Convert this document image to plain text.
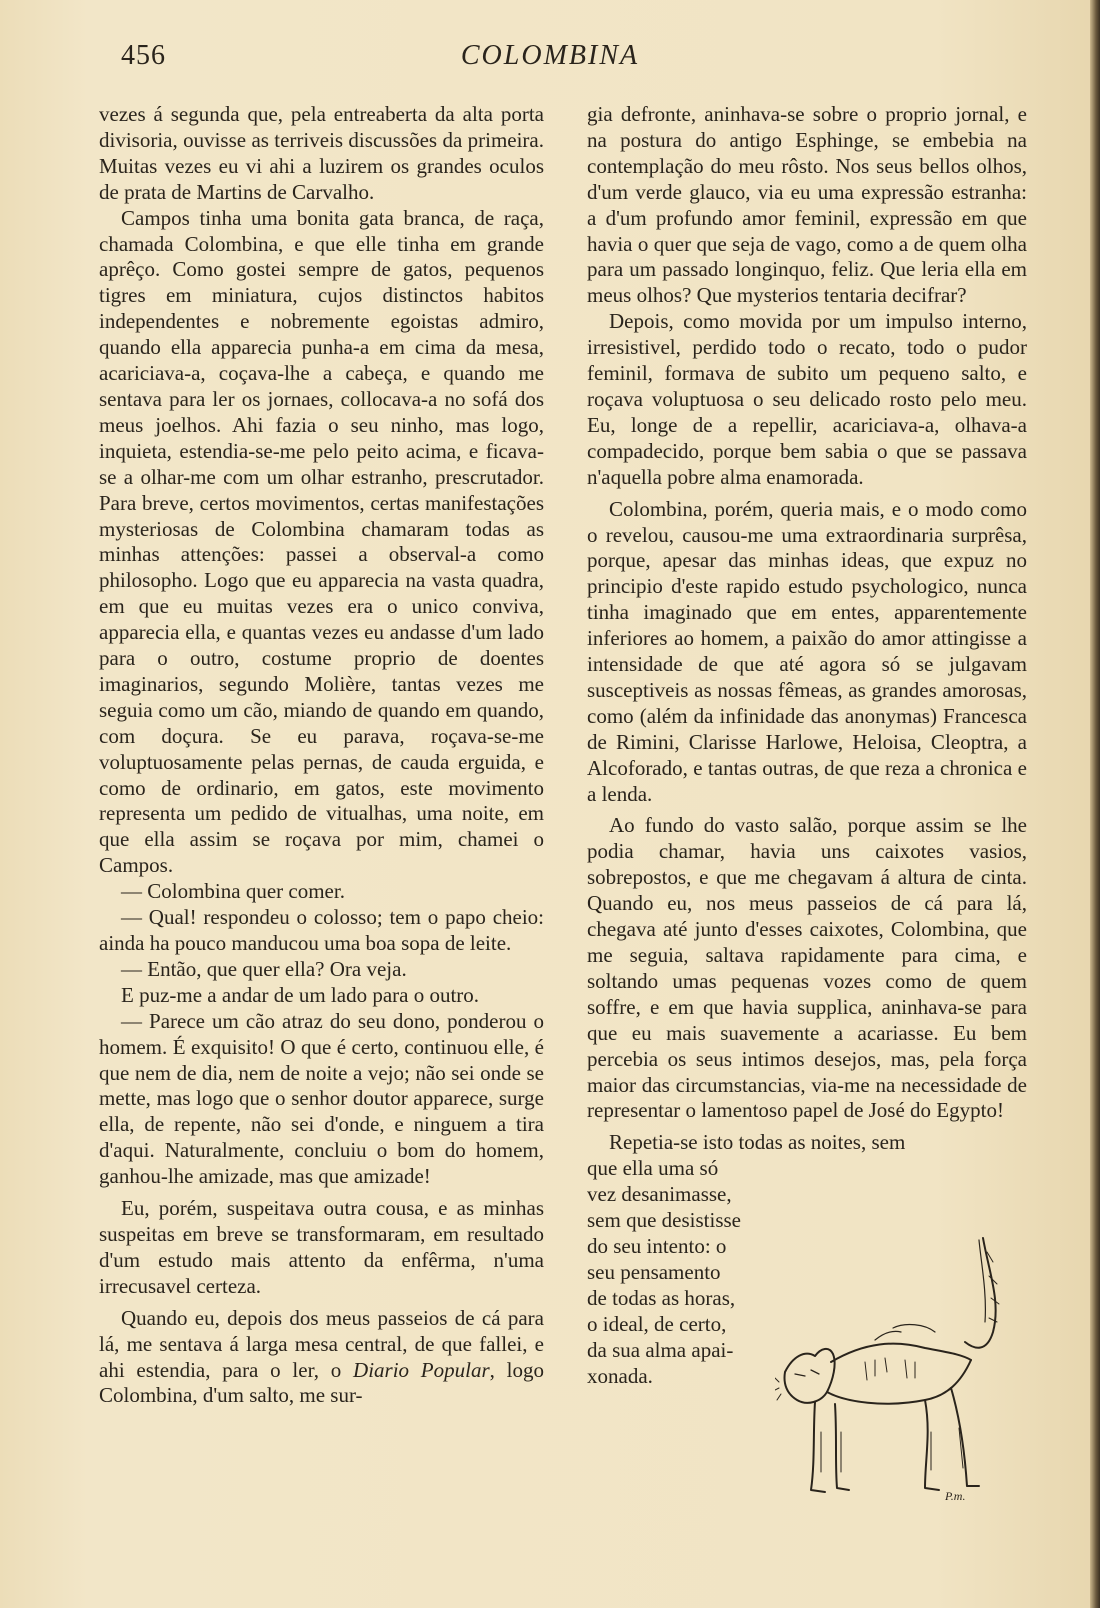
456	COLOMBINA

vezes á segunda que, pela entreaberta da alta porta divisoria, ouvisse as terriveis discussões da primeira. Muitas vezes eu vi ahi a luzirem os grandes oculos de prata de Martins de Carvalho.

Campos tinha uma bonita gata branca, de raça, chamada Colombina, e que elle tinha em grande aprêço. Como gostei sempre de gatos, pequenos tigres em miniatura, cujos distinctos habitos independentes e nobremente egoistas admiro, quando ella apparecia punha-a em cima da mesa, acariciava-a, coçava-lhe a cabeça, e quando me sentava para ler os jornaes, collocava-a no sofá dos meus joelhos. Ahi fazia o seu ninho, mas logo, inquieta, estendia-se-me pelo peito acima, e ficava-se a olhar-me com um olhar estranho, prescrutador. Para breve, certos movimentos, certas manifestações mysteriosas de Colombina chamaram todas as minhas attenções: passei a observal-a como philosopho. Logo que eu apparecia na vasta quadra, em que eu muitas vezes era o unico conviva, apparecia ella, e quantas vezes eu andasse d'um lado para o outro, costume proprio de doentes imaginarios, segundo Molière, tantas vezes me seguia como um cão, miando de quando em quando, com doçura. Se eu parava, roçava-se-me voluptuosamente pelas pernas, de cauda erguida, e como de ordinario, em gatos, este movimento representa um pedido de vitualhas, uma noite, em que ella assim se roçava por mim, chamei o Campos.

— Colombina quer comer.

— Qual! respondeu o colosso; tem o papo cheio: ainda ha pouco manducou uma boa sopa de leite.

— Então, que quer ella? Ora veja.

E puz-me a andar de um lado para o outro.

— Parece um cão atraz do seu dono, ponderou o homem. É exquisito! O que é certo, continuou elle, é que nem de dia, nem de noite a vejo; não sei onde se mette, mas logo que o senhor doutor apparece, surge ella, de repente, não sei d'onde, e ninguem a tira d'aqui. Naturalmente, concluiu o bom do homem, ganhou-lhe amizade, mas que amizade!

Eu, porém, suspeitava outra cousa, e as minhas suspeitas em breve se transformaram, em resultado d'um estudo mais attento da enfêrma, n'uma irrecusavel certeza.

Quando eu, depois dos meus passeios de cá para lá, me sentava á larga mesa central, de que fallei, e ahi estendia, para o ler, o Diario Popular, logo Colombina, d'um salto, me sur-

gia defronte, aninhava-se sobre o proprio jornal, e na postura do antigo Esphinge, se embebia na contemplação do meu rôsto. Nos seus bellos olhos, d'um verde glauco, via eu uma expressão estranha: a d'um profundo amor feminil, expressão em que havia o quer que seja de vago, como a de quem olha para um passado longinquo, feliz. Que leria ella em meus olhos? Que mysterios tentaria decifrar?

Depois, como movida por um impulso interno, irresistivel, perdido todo o recato, todo o pudor feminil, formava de subito um pequeno salto, e roçava voluptuosa o seu delicado rosto pelo meu. Eu, longe de a repellir, acariciava-a, olhava-a compadecido, porque bem sabia o que se passava n'aquella pobre alma enamorada.

Colombina, porém, queria mais, e o modo como o revelou, causou-me uma extraordinaria surprêsa, porque, apesar das minhas ideas, que expuz no principio d'este rapido estudo psychologico, nunca tinha imaginado que em entes, apparentemente inferiores ao homem, a paixão do amor attingisse a intensidade de que até agora só se julgavam susceptiveis as nossas fêmeas, as grandes amorosas, como (além da infinidade das anonymas) Francesca de Rimini, Clarisse Harlowe, Heloisa, Cleoptra, a Alcoforado, e tantas outras, de que reza a chronica e a lenda.

Ao fundo do vasto salão, porque assim se lhe podia chamar, havia uns caixotes vasios, sobrepostos, e que me chegavam á altura de cinta. Quando eu, nos meus passeios de cá para lá, chegava até junto d'esses caixotes, Colombina, que me seguia, saltava rapidamente para cima, e soltando umas pequenas vozes como de quem soffre, e em que havia supplica, aninhava-se para que eu mais suavemente a acariasse. Eu bem percebia os seus intimos desejos, mas, pela força maior das circumstancias, via-me na necessidade de representar o lamentoso papel de José do Egypto!

Repetia-se isto todas as noites, sem

que ella uma só

vez desanimasse,

sem que desistisse

do seu intento: o

seu pensamento

de todas as horas,

o ideal, de certo,

da sua alma apai-

xonada.

P.m.
